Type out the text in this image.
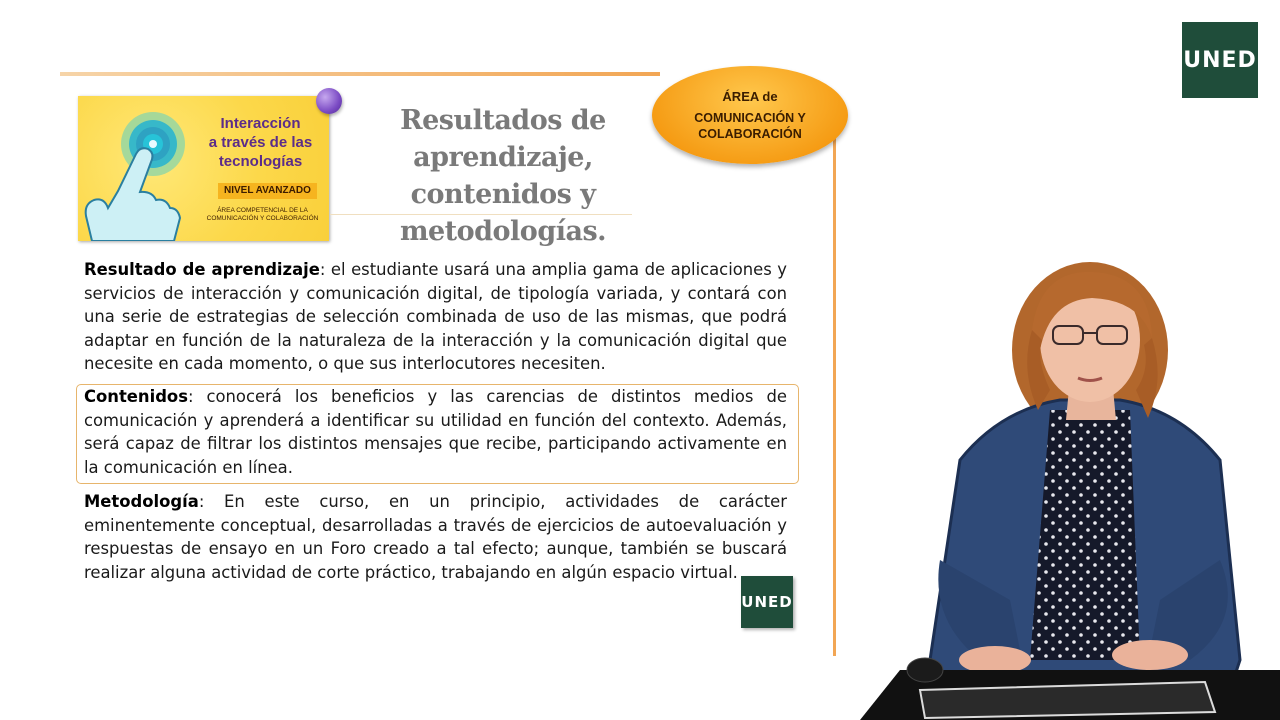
UNED
Interacción
a través de las
tecnologías
NIVEL AVANZADO
ÁREA COMPETENCIAL DE LA
COMUNICACIÓN Y COLABORACIÓN
ÁREA de
COMUNICACIÓN Y
COLABORACIÓN
Resultados de
aprendizaje,
contenidos y
metodologías.
Resultado de aprendizaje: el estudiante usará una amplia gama de aplicaciones y servicios de interacción y comunicación digital, de tipología variada, y contará con una serie de estrategias de selección combinada de uso de las mismas, que podrá adaptar en función de la naturaleza de la interacción y la comunicación digital que necesite en cada momento, o que sus interlocutores necesiten.
Contenidos: conocerá los beneficios y las carencias de distintos medios de comunicación y aprenderá a identificar su utilidad en función del contexto. Además, será capaz de filtrar los distintos mensajes que recibe, participando activamente en la comunicación en línea.
Metodología: En este curso, en un principio, actividades de carácter eminentemente conceptual, desarrolladas a través de ejercicios de autoevaluación y respuestas de ensayo en un Foro creado a tal efecto; aunque, también se buscará realizar alguna actividad de corte práctico, trabajando en algún espacio virtual.
UNED
